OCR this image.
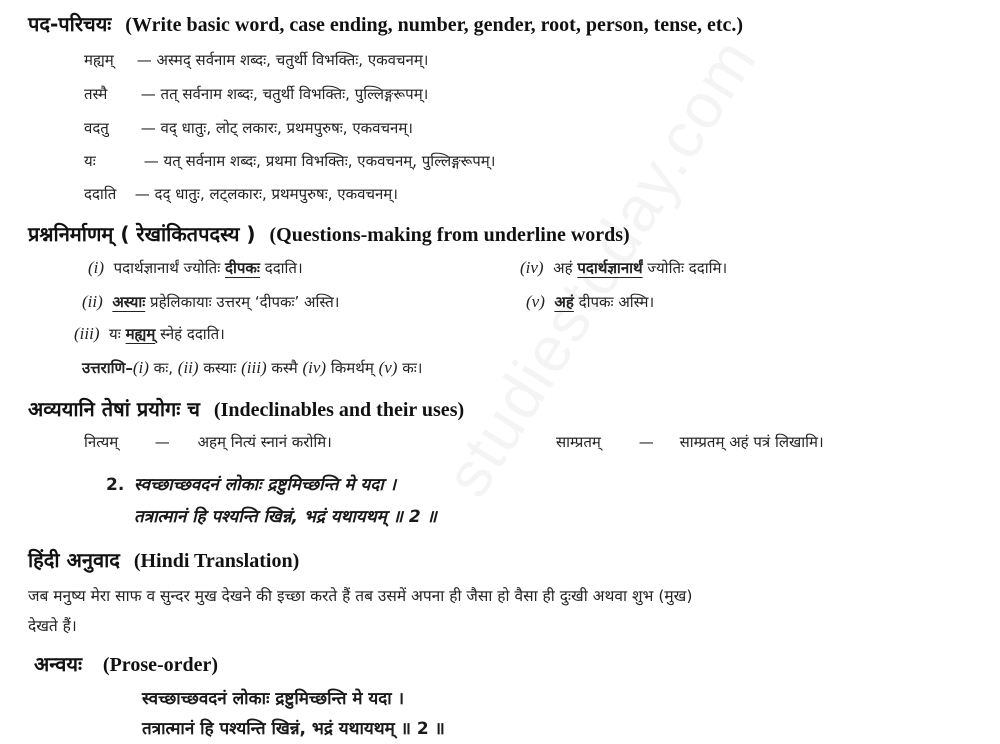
पद-परिचयः (Write basic word, case ending, number, gender, root, person, tense, etc.)
मह्यम् — अस्मद् सर्वनाम शब्दः, चतुर्थी विभक्तिः, एकवचनम्।
तस्मै — तत् सर्वनाम शब्दः, चतुर्थी विभक्तिः, पुल्लिङ्गरूपम्।
वदतु — वद् धातुः, लोट् लकारः, प्रथमपुरुषः, एकवचनम्।
यः	— यत् सर्वनाम शब्दः, प्रथमा विभक्तिः, एकवचनम्, पुल्लिङ्गरूपम्।
ददाति — दद् धातुः, लट्लकारः, प्रथमपुरुषः, एकवचनम्।
प्रश्ननिर्माणम् ( रेखांकितपदस्य ) (Questions-making from underline words)
(i) पदार्थज्ञानार्थं ज्योतिः दीपकः ददाति।	(iv) अहं पदार्थज्ञानार्थं ज्योतिः ददामि।
(ii) अस्याः प्रहेलिकायाः उत्तरम् ‘दीपकः’ अस्ति।	(v) अहं दीपकः अस्मि।
(iii) यः मह्यम् स्नेहं ददाति।
उत्तराणि–(i) कः, (ii) कस्याः (iii) कस्मै (iv) किमर्थम् (v) कः।
अव्ययानि तेषां प्रयोगः च (Indeclinables and their uses)
नित्यम् — अहम् नित्यं स्नानं करोमि।	साम्प्रतम्	— साम्प्रतम् अहं पत्रं लिखामि।
2. स्वच्छाच्छवदनं लोकाः द्रष्टुमिच्छन्ति मे यदा ।
तत्रात्मानं हि पश्यन्ति खिन्नं, भद्रं यथायथम् ॥ 2 ॥
हिंदी अनुवाद (Hindi Translation)
जब मनुष्य मेरा साफ व सुन्दर मुख देखने की इच्छा करते हैं तब उसमें अपना ही जैसा हो वैसा ही दुःखी अथवा शुभ (मुख)
देखते हैं।
अन्वयः (Prose-order)
स्वच्छाच्छवदनं लोकाः द्रष्टुमिच्छन्ति मे यदा ।
तत्रात्मानं हि पश्यन्ति खिन्नं, भद्रं यथायथम् ॥ 2 ॥
